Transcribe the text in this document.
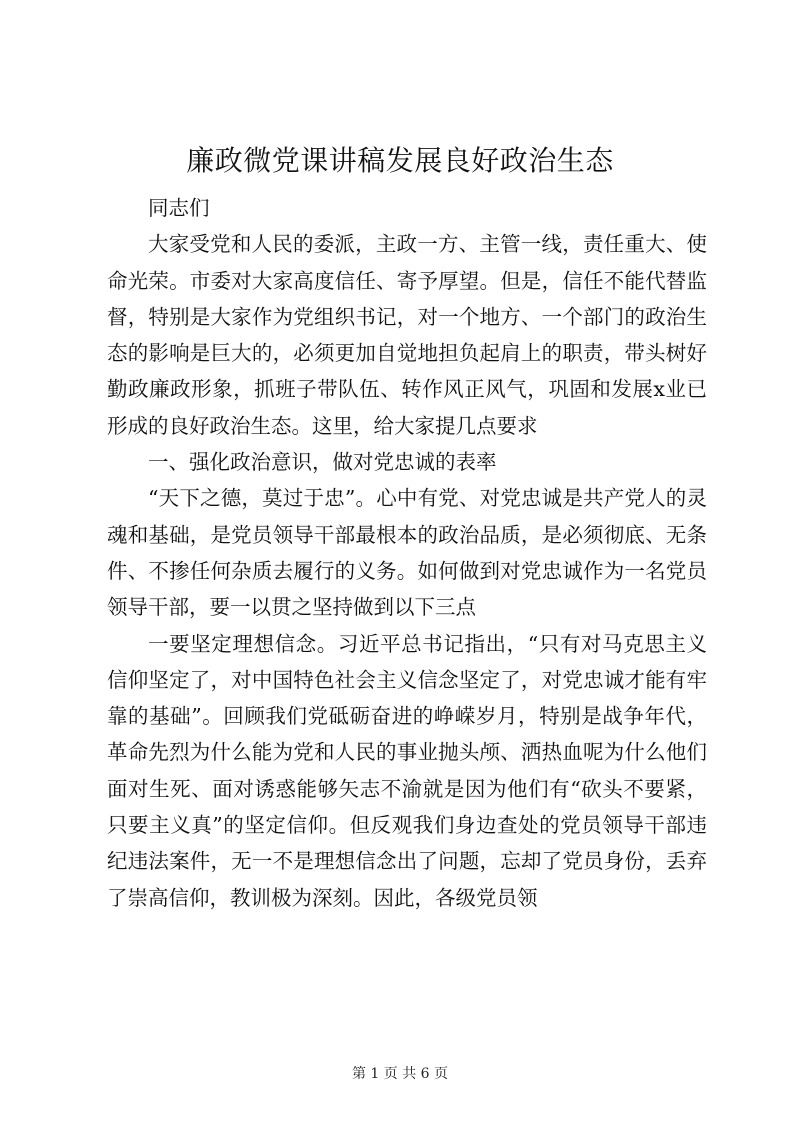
廉政微党课讲稿发展良好政治生态

同志们

大家受党和人民的委派，主政一方、主管一线，责任重大、使命光荣。市委对大家高度信任、寄予厚望。但是，信任不能代替监督，特别是大家作为党组织书记，对一个地方、一个部门的政治生态的影响是巨大的，必须更加自觉地担负起肩上的职责，带头树好勤政廉政形象，抓班子带队伍、转作风正风气，巩固和发展x业已形成的良好政治生态。这里，给大家提几点要求

一、强化政治意识，做对党忠诚的表率

“天下之德，莫过于忠”。心中有党、对党忠诚是共产党人的灵魂和基础，是党员领导干部最根本的政治品质，是必须彻底、无条件、不掺任何杂质去履行的义务。如何做到对党忠诚作为一名党员领导干部，要一以贯之坚持做到以下三点

一要坚定理想信念。习近平总书记指出，“只有对马克思主义信仰坚定了，对中国特色社会主义信念坚定了，对党忠诚才能有牢靠的基础”。回顾我们党砥砺奋进的峥嵘岁月，特别是战争年代，革命先烈为什么能为党和人民的事业抛头颅、洒热血呢为什么他们面对生死、面对诱惑能够矢志不渝就是因为他们有“砍头不要紧，只要主义真”的坚定信仰。但反观我们身边查处的党员领导干部违纪违法案件，无一不是理想信念出了问题，忘却了党员身份，丢弃了崇高信仰，教训极为深刻。因此，各级党员领

第 1 页 共 6 页
